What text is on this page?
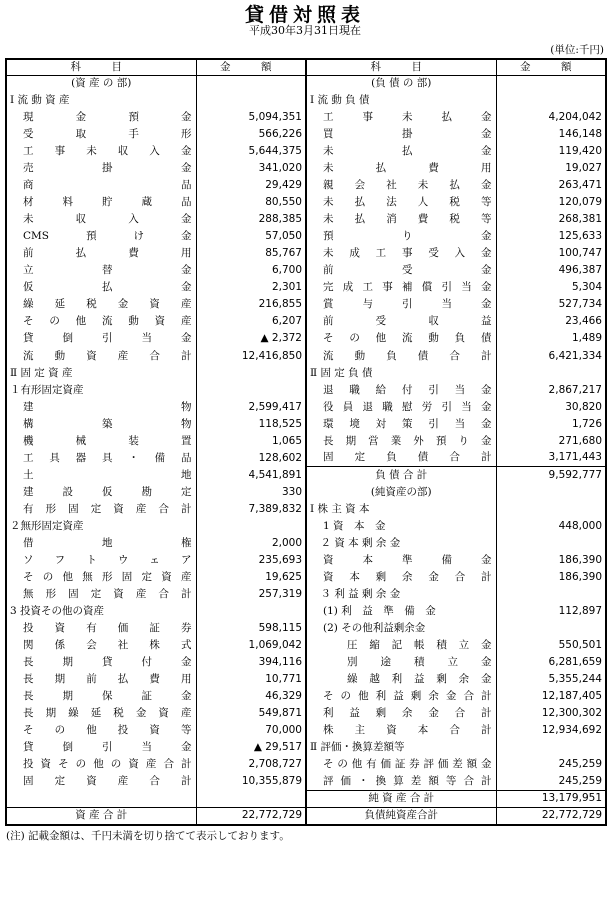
貸借対照表
平成30年3月31日現在
(単位:千円)
科　目	金　額	科　目	金　額
(資 産 の 部)		(負 債 の 部)	
Ⅰ 流 動 資 産		Ⅰ 流 動 負 債	

現金預金	5,094,351	工事未払金	4,204,042

受取手形	566,226	買掛金	146,148

工事未収入金	5,644,375	未払金	119,420

売掛金	341,020	未払費用	19,027

商品	29,429	親会社未払金	263,471

材料貯蔵品	80,550	未払法人税等	120,079

未収入金	288,385	未払消費税等	268,381

CMS預け金	57,050	預り金	125,633

前払費用	85,767	未成工事受入金	100,747

立替金	6,700	前受金	496,387

仮払金	2,301	完成工事補償引当金	5,304

繰延税金資産	216,855	賞与引当金	527,734

その他流動資産	6,207	前受収益	23,466

貸倒引当金	▲ 2,372	その他流動負債	1,489

流動資産合計	12,416,850	流動負債合計	6,421,334
Ⅱ 固 定 資 産		Ⅱ 固 定 負 債	
１有形固定資産		退職給付引当金	2,867,217

建物	2,599,417	役員退職慰労引当金	30,820

構築物	118,525	環境対策引当金	1,726

機械装置	1,065	長期営業外預り金	271,680

工具器具・備品	128,602	固定負債合計	3,171,443

土地	4,541,891	負 債 合 計	9,592,777

建設仮勘定	330	(純資産の部)	

有形固定資産合計	7,389,832	Ⅰ 株 主 資 本	
２無形固定資産		1 資　本　金	448,000

借地権	2,000	　２ 資 本 剰 余 金	

ソフトウェア	235,693	資本準備金	186,390

その他無形固定資産	19,625	資本剰余金合計	186,390

無形固定資産合計	257,319	　３ 利 益 剰 余 金	
3 投資その他の資産		(1) 利　益　準　備　金	112,897

投資有価証券	598,115	(2) その他利益剰余金	

関係会社株式	1,069,042	圧縮記帳積立金	550,501

長期貸付金	394,116	別途積立金	6,281,659

長期前払費用	10,771	繰越利益剰余金	5,355,244

長期保証金	46,329	その他利益剰余金合計	12,187,405

長期繰延税金資産	549,871	利益剰余金合計	12,300,302

その他投資等	70,000	株主資本合計	12,934,692

貸倒引当金	▲ 29,517	Ⅱ 評価・換算差額等	

投資その他の資産合計	2,708,727	その他有価証券評価差額金	245,259

固定資産合計	10,355,879	評価・換算差額等合計	245,259
		純 資 産 合 計	13,179,951
資 産 合 計	22,772,729	負債純資産合計	22,772,729
(注) 記載金額は、千円未満を切り捨てて表示しております。
